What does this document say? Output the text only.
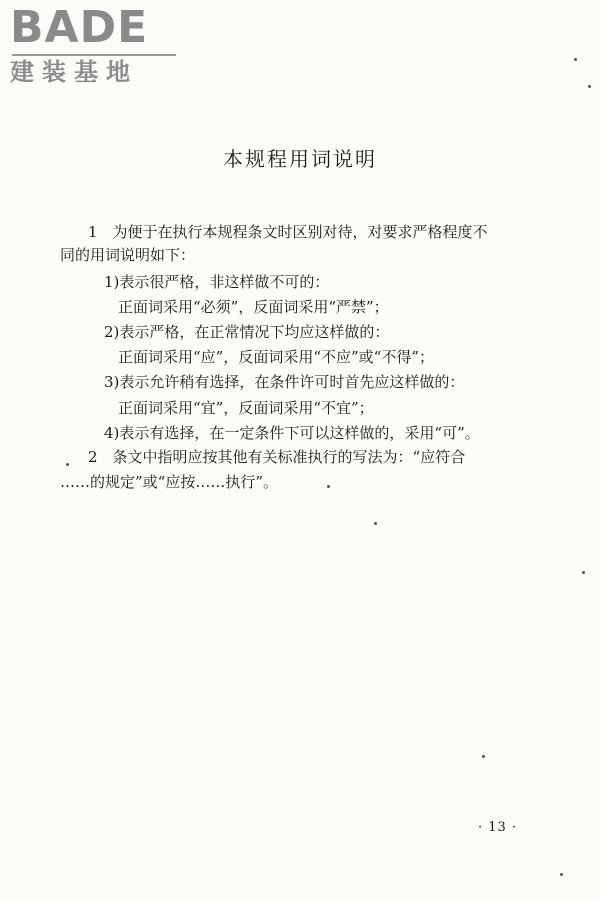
BADE
建装基地
本规程用词说明
1　为便于在执行本规程条文时区别对待，对要求严格程度不
同的用词说明如下：
1)表示很严格，非这样做不可的：
正面词采用“必须”，反面词采用“严禁”；
2)表示严格，在正常情况下均应这样做的：
正面词采用“应”，反面词采用“不应”或“不得”；
3)表示允许稍有选择，在条件许可时首先应这样做的：
正面词采用“宜”，反面词采用“不宜”；
4)表示有选择，在一定条件下可以这样做的，采用“可”。
2　条文中指明应按其他有关标准执行的写法为：“应符合
……的规定”或“应按……执行”。
· 13 ·
